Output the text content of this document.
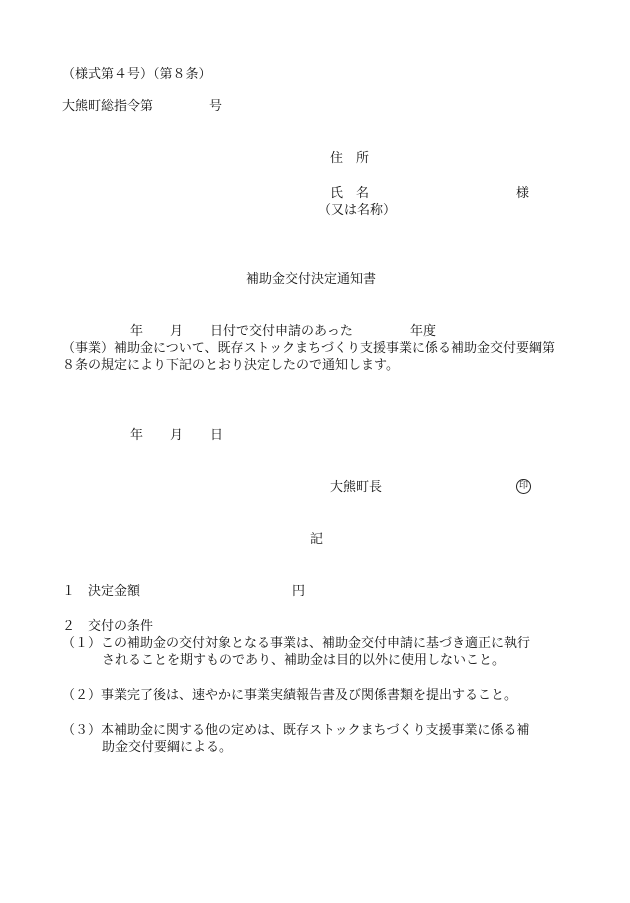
（様式第４号）（第８条）
大熊町総指令第	号
住　所
氏　名	様
（又は名称）
補助金交付決定通知書
年 月 日付で交付申請のあった	年度
（事業）補助金について、既存ストックまちづくり支援事業に係る補助金交付要綱第
８条の規定により下記のとおり決定したので通知します。
年 月 日
大熊町長	印
記
１　決定金額	円
２　交付の条件
（１）この補助金の交付対象となる事業は、補助金交付申請に基づき適正に執行
されることを期すものであり、補助金は目的以外に使用しないこと。
（２）事業完了後は、速やかに事業実績報告書及び関係書類を提出すること。
（３）本補助金に関する他の定めは、既存ストックまちづくり支援事業に係る補
助金交付要綱による。
